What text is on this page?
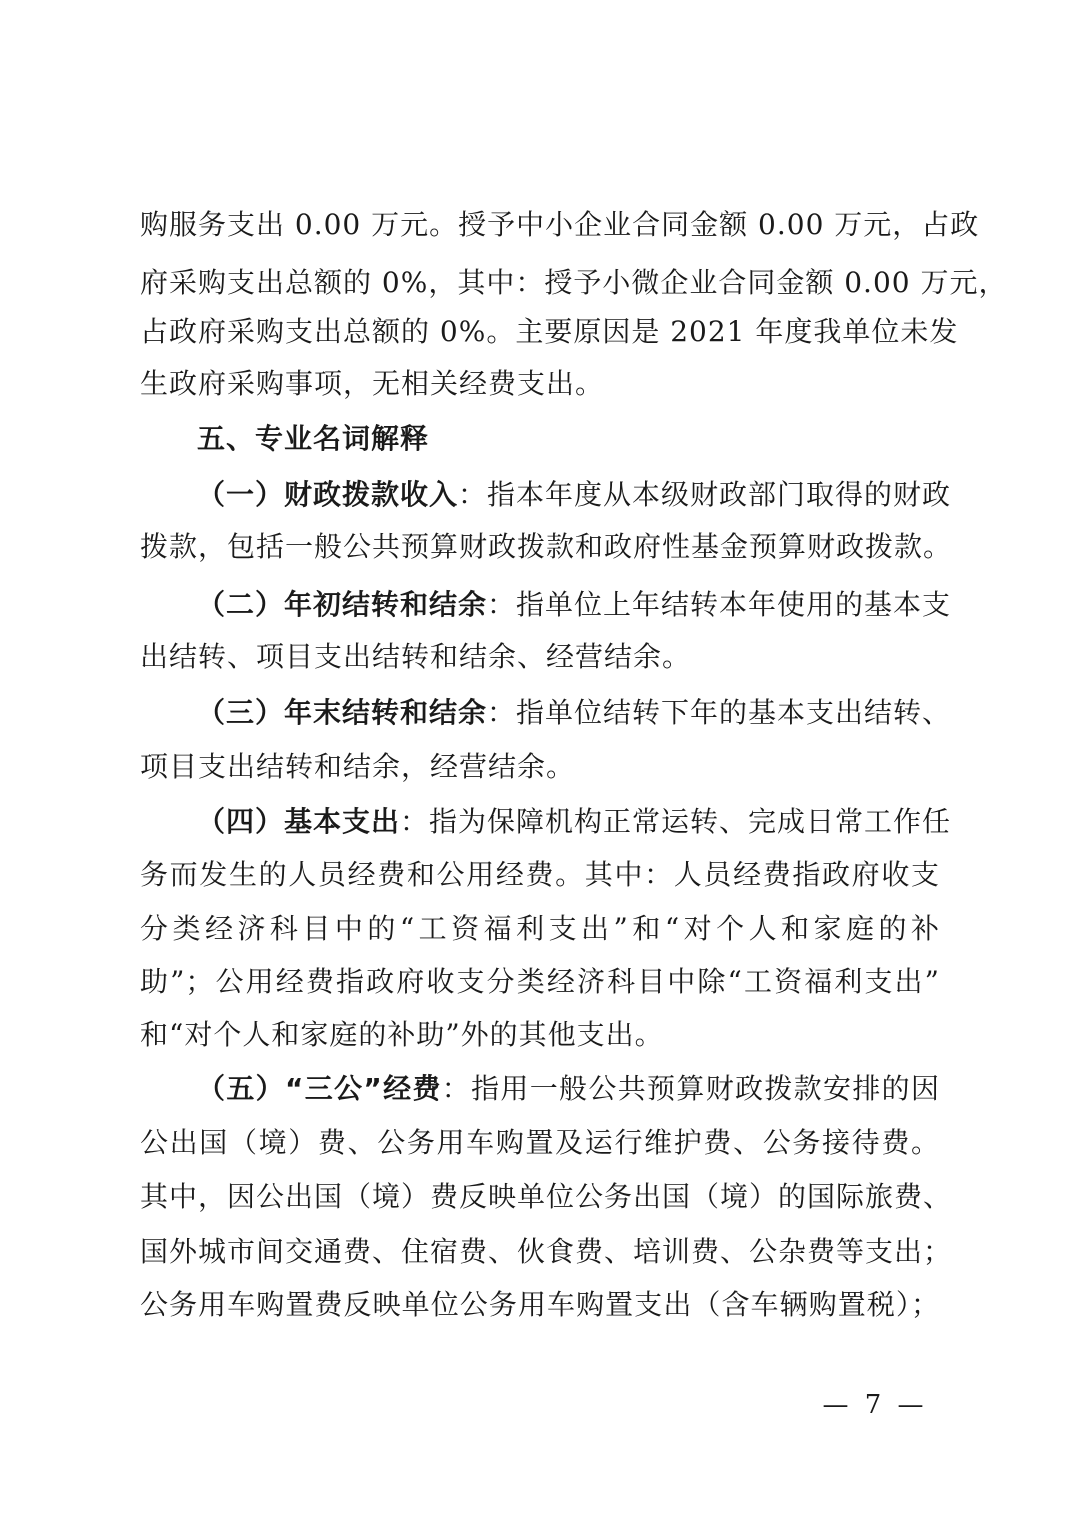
购服务支出 0.00 万元。授予中小企业合同金额 0.00 万元，占政
府采购支出总额的 0%，其中：授予小微企业合同金额 0.00 万元，
占政府采购支出总额的 0%。主要原因是 2021 年度我单位未发
生政府采购事项，无相关经费支出。
五、专业名词解释
（一）财政拨款收入：指本年度从本级财政部门取得的财政
拨款，包括一般公共预算财政拨款和政府性基金预算财政拨款。
（二）年初结转和结余：指单位上年结转本年使用的基本支
出结转、项目支出结转和结余、经营结余。
（三）年末结转和结余：指单位结转下年的基本支出结转、
项目支出结转和结余，经营结余。
（四）基本支出：指为保障机构正常运转、完成日常工作任
务而发生的人员经费和公用经费。其中：人员经费指政府收支
分类经济科目中的“工资福利支出”和“对个人和家庭的补
助”；公用经费指政府收支分类经济科目中除“工资福利支出”
和“对个人和家庭的补助”外的其他支出。
（五）“三公”经费：指用一般公共预算财政拨款安排的因
公出国（境）费、公务用车购置及运行维护费、公务接待费。
其中，因公出国（境）费反映单位公务出国（境）的国际旅费、
国外城市间交通费、住宿费、伙食费、培训费、公杂费等支出；
公务用车购置费反映单位公务用车购置支出（含车辆购置税）；
— 7 —
